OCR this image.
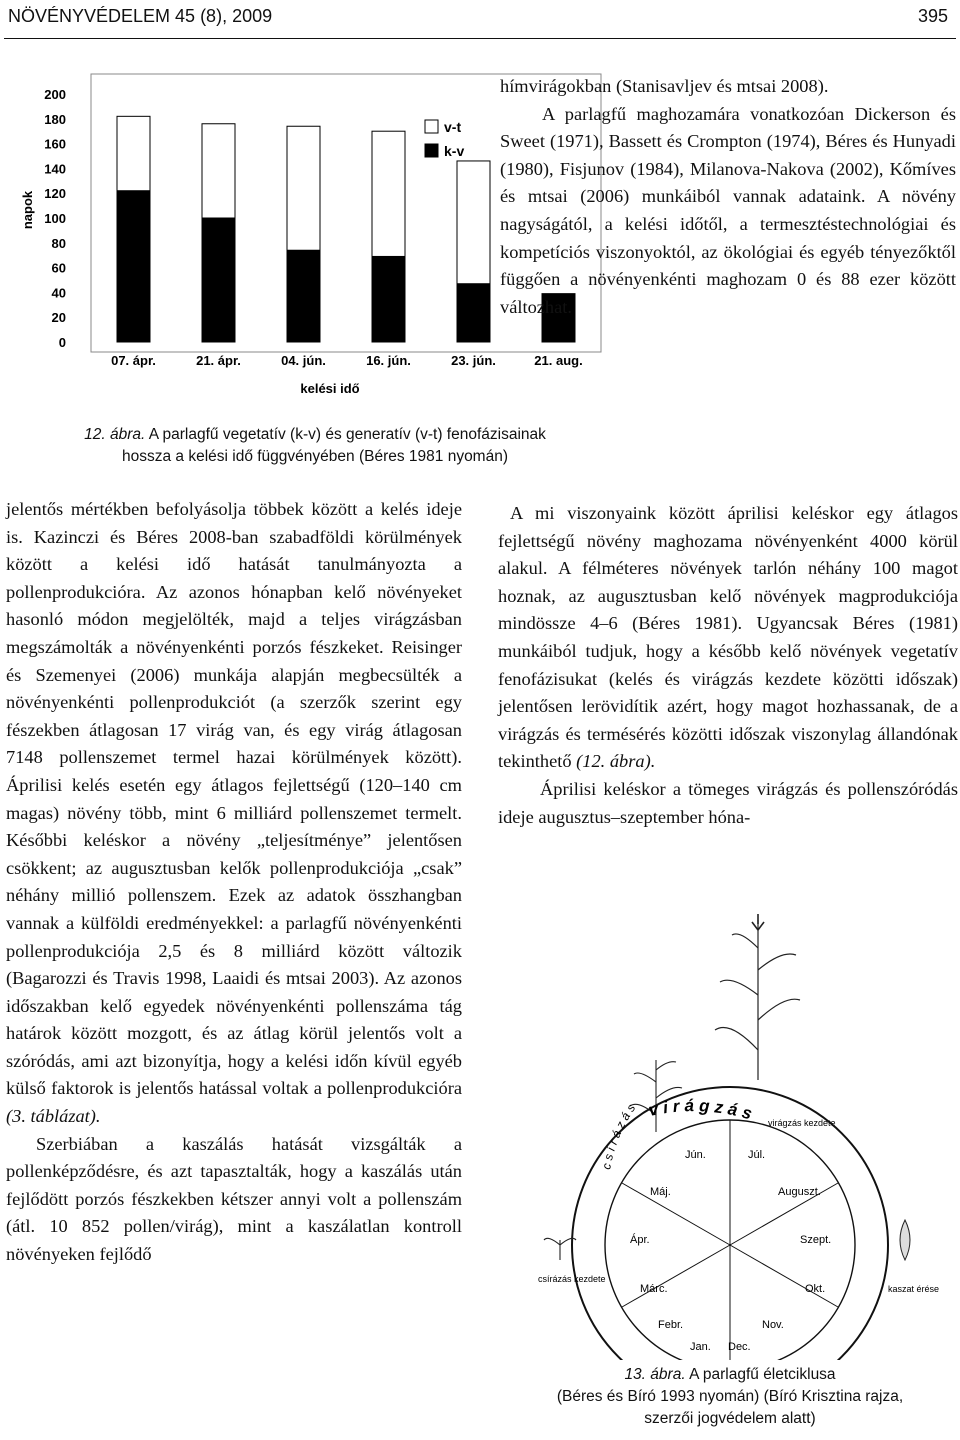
NÖVÉNYVÉDELEM 45 (8), 2009	395
napok
kelési idő
0
20
40
60
80
100
120
140
160
180
200
07. ápr.	21. ápr.	04. jún.	16. jún.	23. jún.	21. aug.
v-t
k-v
12. ábra. A parlagfű vegetatív (k-v) és generatív (v-t) fenofázisainak
hossza a kelési idő függvényében (Béres 1981 nyomán)

jelentős mértékben befolyásolja többek között a kelés ideje is. Kazinczi és Béres 2008-ban szabadföldi körülmények között a kelési idő hatását tanulmányozta a pollenprodukcióra. Az azonos hónapban kelő növényeket hasonló módon megjelölték, majd a teljes virágzásban megszámolták a növényenkénti porzós fészkeket. Reisinger és Szemenyei (2006) munkája alapján megbecsülték a növényenkénti pollenprodukciót (a szerzők szerint egy fészekben átlagosan 17 virág van, és egy virág átlagosan 7148 pollenszemet termel hazai körülmények között). Áprilisi kelés esetén egy átlagos fejlettségű (120–140 cm magas) növény több, mint 6 milliárd pollenszemet termelt. Későbbi keléskor a növény „teljesítménye” jelentősen csökkent; az augusztusban kelők pollenprodukciója „csak” néhány millió pollenszem. Ezek az adatok összhangban vannak a külföldi eredményekkel: a parlagfű növényenkénti pollenprodukciója 2,5 és 8 milliárd között változik (Bagarozzi és Travis 1998, Laaidi és mtsai 2003). Az azonos időszakban kelő egyedek növényenkénti pollenszáma tág határok között mozgott, és az átlag körül jelentős volt a szóródás, ami azt bizonyítja, hogy a kelési időn kívül egyéb külső faktorok is jelentős hatással voltak a pollenprodukcióra (3. táblázat).

Szerbiában a kaszálás hatását vizsgálták a pollenképződésre, és azt tapasztalták, hogy a kaszálás után fejlődött porzós fészkekben kétszer annyi volt a pollenszám (átl. 10 852 pollen/virág), mint a kaszálatlan kontroll növényeken fejlődő

hímvirágokban (Stanisavljev és mtsai 2008).

A parlagfű maghozamára vonatkozóan Dickerson és Sweet (1971), Bassett és Crompton (1974), Béres és Hunyadi (1980), Fisjunov (1984), Milanova-Nakova (2002), Kőmíves és mtsai (2006) munkáiból vannak adataink. A növény nagyságától, a kelési időtől, a termesztéstechnológiai és kompetíciós viszonyoktól, az ökológiai és egyéb tényezőktől függően a növényenkénti maghozam 0 és 88 ezer között változhat.

A mi viszonyaink között áprilisi keléskor egy átlagos fejlettségű növény maghozama növényenként 4000 körül alakul. A félméteres növények tarlón néhány 100 magot hoznak, az augusztusban kelő növények magprodukciója mindössze 4–6 (Béres 1981). Ugyancsak Béres (1981) munkáiból tudjuk, hogy a később kelő növények vegetatív fenofázisukat (kelés és virágzás kezdete közötti időszak) jelentősen lerövidítik azért, hogy magot hozhassanak, de a virágzás és termésérés közötti időszak viszonylag állandónak tekinthető (12. ábra).

Áprilisi keléskor a tömeges virágzás és pollenszóródás ideje augusztus–szeptember hóna-

virágzás kezdete
Jún.	Júl.
Máj.	Auguszt.
Ápr.	Szept.
Márc.	Okt.
Febr.	Nov.
Jan. Dec.
v i r á g z á s
c s í r á z á s
csírázás kezdete
kaszat érése
13. ábra. A parlagfű életciklusa
(Béres és Bíró 1993 nyomán) (Bíró Krisztina rajza,
szerzői jogvédelem alatt)
